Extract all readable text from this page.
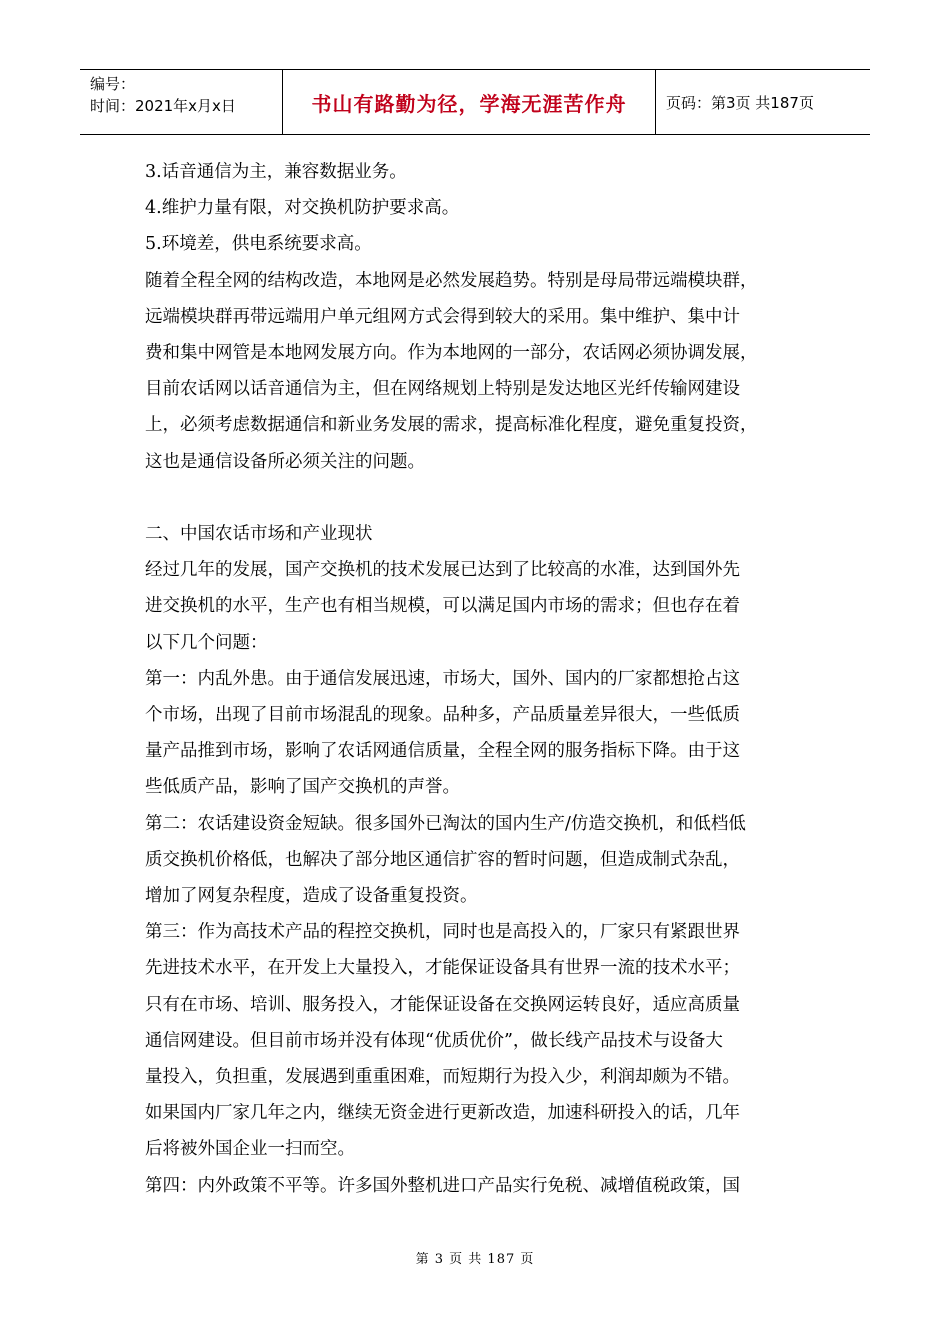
编号：
时间：2021年x月x日	书山有路勤为径，学海无涯苦作舟	页码：第3页 共187页

3.话音通信为主，兼容数据业务。

4.维护力量有限，对交换机防护要求高。

5.环境差，供电系统要求高。

随着全程全网的结构改造，本地网是必然发展趋势。特别是母局带远端模块群，

远端模块群再带远端用户单元组网方式会得到较大的采用。集中维护、集中计

费和集中网管是本地网发展方向。作为本地网的一部分，农话网必须协调发展，

目前农话网以话音通信为主，但在网络规划上特别是发达地区光纤传输网建设

上，必须考虑数据通信和新业务发展的需求，提高标准化程度，避免重复投资，

这也是通信设备所必须关注的问题。

二、中国农话市场和产业现状

经过几年的发展，国产交换机的技术发展已达到了比较高的水准，达到国外先

进交换机的水平，生产也有相当规模，可以满足国内市场的需求；但也存在着

以下几个问题：

第一：内乱外患。由于通信发展迅速，市场大，国外、国内的厂家都想抢占这

个市场，出现了目前市场混乱的现象。品种多，产品质量差异很大，一些低质

量产品推到市场，影响了农话网通信质量，全程全网的服务指标下降。由于这

些低质产品，影响了国产交换机的声誉。

第二：农话建设资金短缺。很多国外已淘汰的国内生产/仿造交换机，和低档低

质交换机价格低，也解决了部分地区通信扩容的暂时问题，但造成制式杂乱，

增加了网复杂程度，造成了设备重复投资。

第三：作为高技术产品的程控交换机，同时也是高投入的，厂家只有紧跟世界

先进技术水平，在开发上大量投入，才能保证设备具有世界一流的技术水平；

只有在市场、培训、服务投入，才能保证设备在交换网运转良好，适应高质量

通信网建设。但目前市场并没有体现“优质优价”，做长线产品技术与设备大

量投入，负担重，发展遇到重重困难，而短期行为投入少，利润却颇为不错。

如果国内厂家几年之内，继续无资金进行更新改造，加速科研投入的话，几年

后将被外国企业一扫而空。

第四：内外政策不平等。许多国外整机进口产品实行免税、减增值税政策，国

第 3 页 共 187 页
